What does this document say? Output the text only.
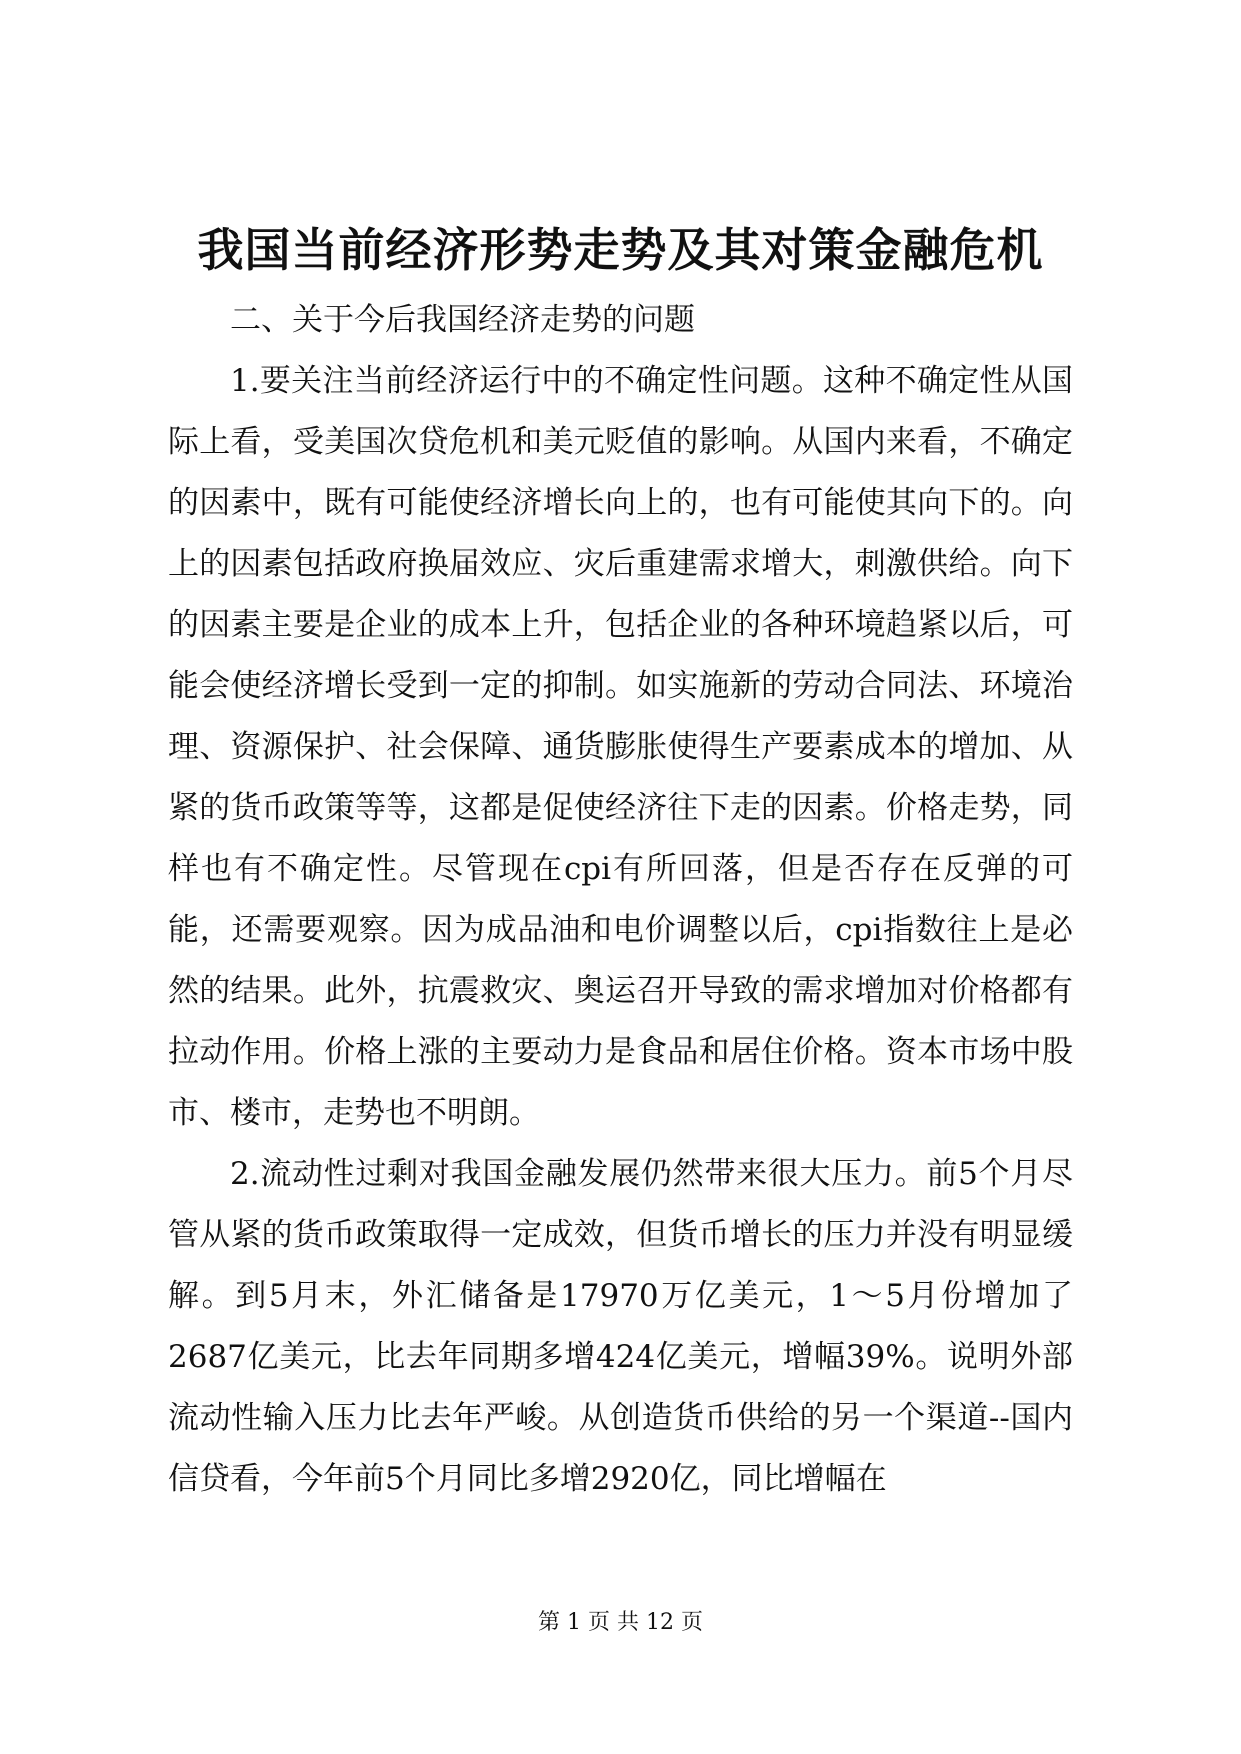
我国当前经济形势走势及其对策金融危机

二、关于今后我国经济走势的问题

1.要关注当前经济运行中的不确定性问题。这种不确定性从国际上看，受美国次贷危机和美元贬值的影响。从国内来看，不确定的因素中，既有可能使经济增长向上的，也有可能使其向下的。向上的因素包括政府换届效应、灾后重建需求增大，刺激供给。向下的因素主要是企业的成本上升，包括企业的各种环境趋紧以后，可能会使经济增长受到一定的抑制。如实施新的劳动合同法、环境治理、资源保护、社会保障、通货膨胀使得生产要素成本的增加、从紧的货币政策等等，这都是促使经济往下走的因素。价格走势，同样也有不确定性。尽管现在cpi有所回落，但是否存在反弹的可能，还需要观察。因为成品油和电价调整以后，cpi指数往上是必然的结果。此外，抗震救灾、奥运召开导致的需求增加对价格都有拉动作用。价格上涨的主要动力是食品和居住价格。资本市场中股市、楼市，走势也不明朗。

2.流动性过剩对我国金融发展仍然带来很大压力。前5个月尽管从紧的货币政策取得一定成效，但货币增长的压力并没有明显缓解。到5月末，外汇储备是17970万亿美元，1～5月份增加了2687亿美元，比去年同期多增424亿美元，增幅39%。说明外部流动性输入压力比去年严峻。从创造货币供给的另一个渠道--国内信贷看，今年前5个月同比多增2920亿，同比增幅在

第 1 页 共 12 页
